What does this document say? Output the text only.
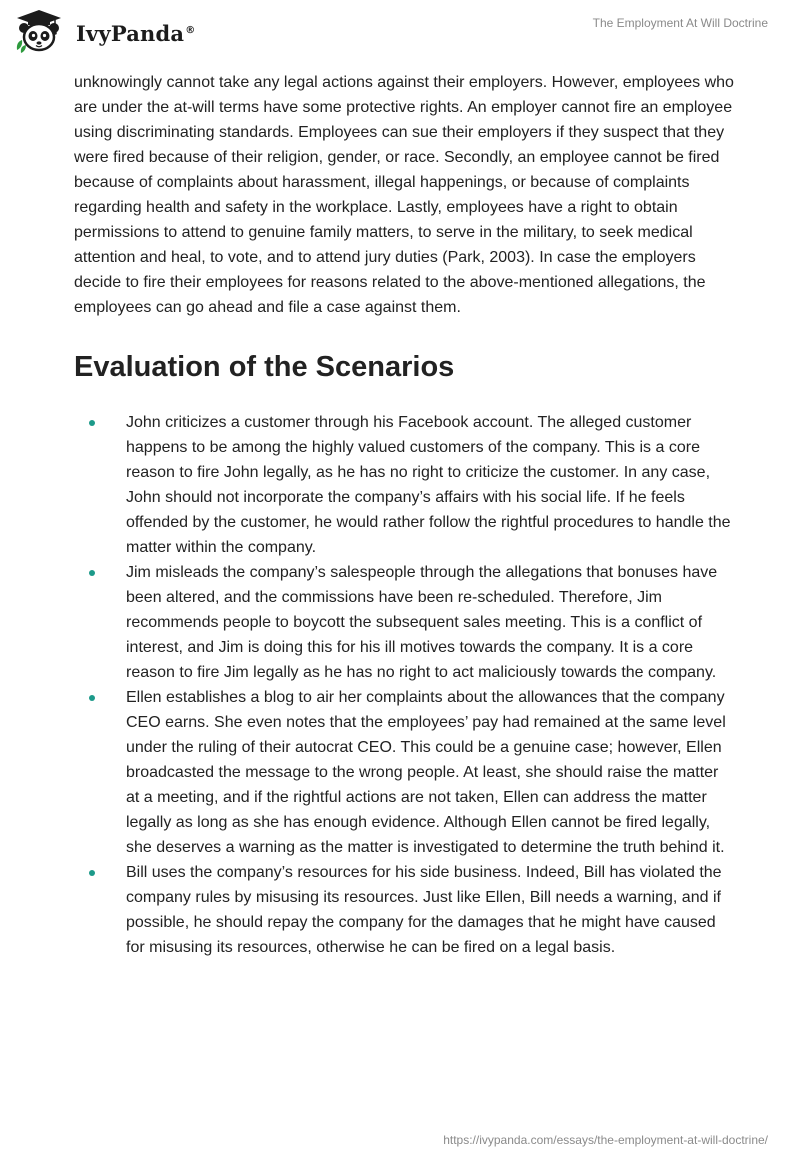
IvyPanda®	The Employment At Will Doctrine

unknowingly cannot take any legal actions against their employers. However, employees who are under the at-will terms have some protective rights. An employer cannot fire an employee using discriminating standards. Employees can sue their employers if they suspect that they were fired because of their religion, gender, or race. Secondly, an employee cannot be fired because of complaints about harassment, illegal happenings, or because of complaints regarding health and safety in the workplace. Lastly, employees have a right to obtain permissions to attend to genuine family matters, to serve in the military, to seek medical attention and heal, to vote, and to attend jury duties (Park, 2003). In case the employers decide to fire their employees for reasons related to the above-mentioned allegations, the employees can go ahead and file a case against them.

Evaluation of the Scenarios
John criticizes a customer through his Facebook account. The alleged customer happens to be among the highly valued customers of the company. This is a core reason to fire John legally, as he has no right to criticize the customer. In any case, John should not incorporate the company’s affairs with his social life. If he feels offended by the customer, he would rather follow the rightful procedures to handle the matter within the company.
Jim misleads the company’s salespeople through the allegations that bonuses have been altered, and the commissions have been re-scheduled. Therefore, Jim recommends people to boycott the subsequent sales meeting. This is a conflict of interest, and Jim is doing this for his ill motives towards the company. It is a core reason to fire Jim legally as he has no right to act maliciously towards the company.
Ellen establishes a blog to air her complaints about the allowances that the company CEO earns. She even notes that the employees’ pay had remained at the same level under the ruling of their autocrat CEO. This could be a genuine case; however, Ellen broadcasted the message to the wrong people. At least, she should raise the matter at a meeting, and if the rightful actions are not taken, Ellen can address the matter legally as long as she has enough evidence. Although Ellen cannot be fired legally, she deserves a warning as the matter is investigated to determine the truth behind it.
Bill uses the company’s resources for his side business. Indeed, Bill has violated the company rules by misusing its resources. Just like Ellen, Bill needs a warning, and if possible, he should repay the company for the damages that he might have caused for misusing its resources, otherwise he can be fired on a legal basis.
https://ivypanda.com/essays/the-employment-at-will-doctrine/
